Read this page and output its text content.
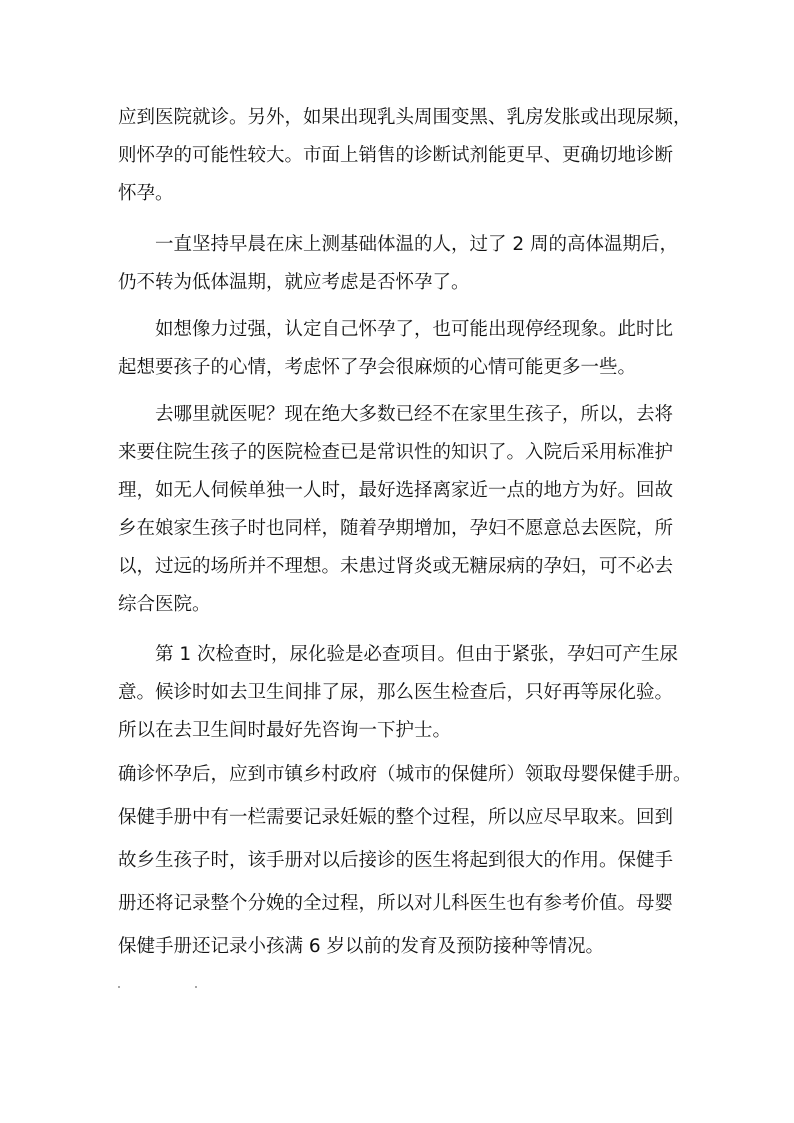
应到医院就诊。另外，如果出现乳头周围变黑、乳房发胀或出现尿频，
则怀孕的可能性较大。市面上销售的诊断试剂能更早、更确切地诊断
怀孕。
　　一直坚持早晨在床上测基础体温的人，过了 2 周的高体温期后，
仍不转为低体温期，就应考虑是否怀孕了。
　　如想像力过强，认定自己怀孕了，也可能出现停经现象。此时比
起想要孩子的心情，考虑怀了孕会很麻烦的心情可能更多一些。
　　去哪里就医呢？现在绝大多数已经不在家里生孩子，所以，去将
来要住院生孩子的医院检查已是常识性的知识了。入院后采用标准护
理，如无人伺候单独一人时，最好选择离家近一点的地方为好。回故
乡在娘家生孩子时也同样，随着孕期增加，孕妇不愿意总去医院，所
以，过远的场所并不理想。未患过肾炎或无糖尿病的孕妇，可不必去
综合医院。
　　第 1 次检查时，尿化验是必查项目。但由于紧张，孕妇可产生尿
意。候诊时如去卫生间排了尿，那么医生检查后，只好再等尿化验。
所以在去卫生间时最好先咨询一下护士。
确诊怀孕后，应到市镇乡村政府（城市的保健所）领取母婴保健手册。
保健手册中有一栏需要记录妊娠的整个过程，所以应尽早取来。回到
故乡生孩子时，该手册对以后接诊的医生将起到很大的作用。保健手
册还将记录整个分娩的全过程，所以对儿科医生也有参考价值。母婴
保健手册还记录小孩满 6 岁以前的发育及预防接种等情况。
